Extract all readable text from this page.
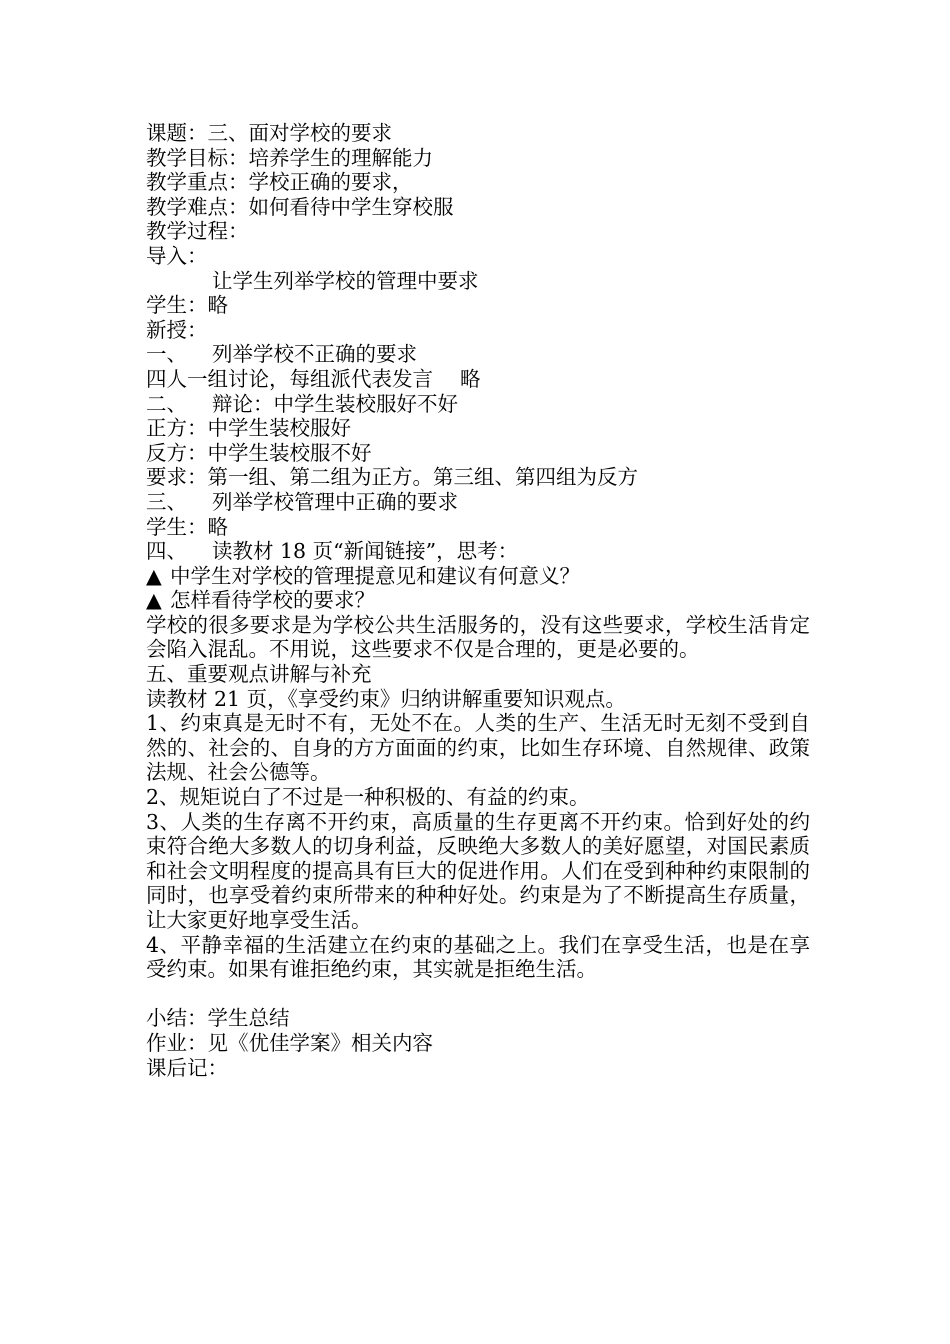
课题：三、面对学校的要求
教学目标：培养学生的理解能力
教学重点：学校正确的要求，
教学难点：如何看待中学生穿校服
教学过程：
导入：
让学生列举学校的管理中要求
学生：略
新授：
一、 列举学校不正确的要求
四人一组讨论，每组派代表发言　 略
二、 辩论：中学生装校服好不好
正方：中学生装校服好
反方：中学生装校服不好
要求：第一组、第二组为正方。第三组、第四组为反方
三、 列举学校管理中正确的要求
学生：略
四、 读教材 18 页“新闻链接”，思考：
▲ 中学生对学校的管理提意见和建议有何意义？
▲ 怎样看待学校的要求？
学校的很多要求是为学校公共生活服务的，没有这些要求，学校生活肯定会陷入混乱。不用说，这些要求不仅是合理的，更是必要的。
五、重要观点讲解与补充
读教材 21 页，《享受约束》归纳讲解重要知识观点。
1、约束真是无时不有，无处不在。人类的生产、生活无时无刻不受到自然的、社会的、自身的方方面面的约束，比如生存环境、自然规律、政策法规、社会公德等。
2、规矩说白了不过是一种积极的、有益的约束。
3、人类的生存离不开约束，高质量的生存更离不开约束。恰到好处的约束符合绝大多数人的切身利益，反映绝大多数人的美好愿望，对国民素质和社会文明程度的提高具有巨大的促进作用。人们在受到种种约束限制的同时，也享受着约束所带来的种种好处。约束是为了不断提高生存质量，让大家更好地享受生活。
4、平静幸福的生活建立在约束的基础之上。我们在享受生活，也是在享受约束。如果有谁拒绝约束，其实就是拒绝生活。
小结：学生总结
作业：见《优佳学案》相关内容
课后记：
